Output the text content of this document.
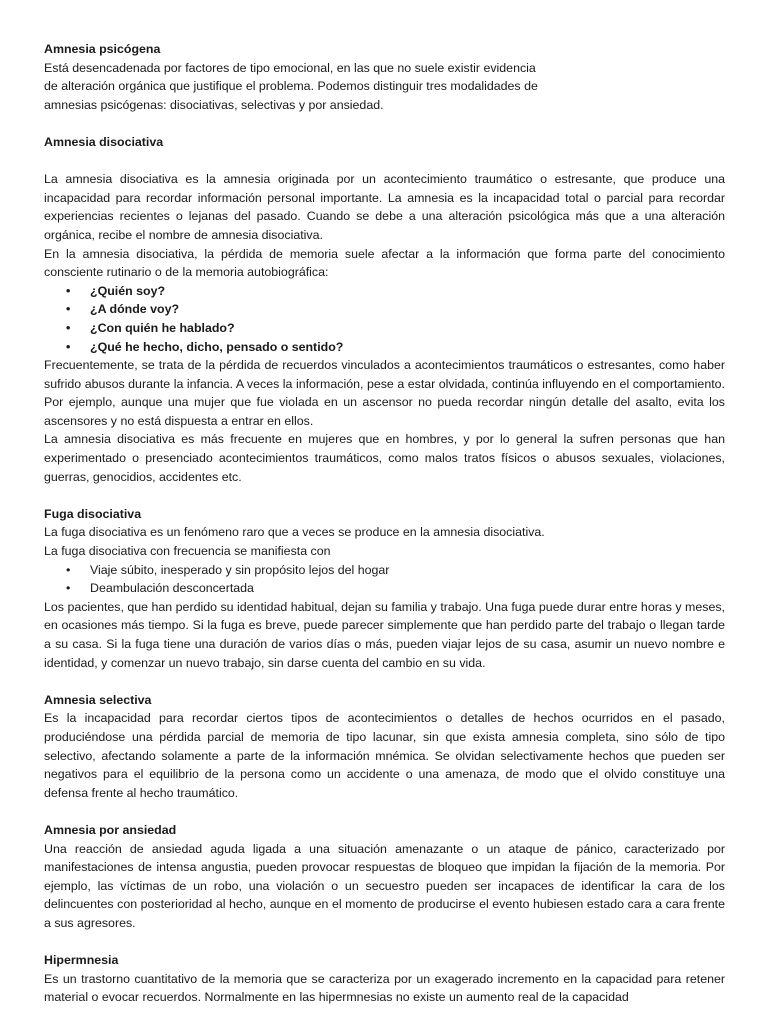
Amnesia psicógena
Está desencadenada por factores de tipo emocional, en las que no suele existir evidencia
de alteración orgánica que justifique el problema. Podemos distinguir tres modalidades de
amnesias psicógenas: disociativas, selectivas y por ansiedad.
Amnesia disociativa

La amnesia disociativa es la amnesia originada por un acontecimiento traumático o estresante, que produce una incapacidad para recordar información personal importante. La amnesia es la incapacidad total o parcial para recordar experiencias recientes o lejanas del pasado. Cuando se debe a una alteración psicológica más que a una alteración orgánica, recibe el nombre de amnesia disociativa.

En la amnesia disociativa, la pérdida de memoria suele afectar a la información que forma parte del conocimiento consciente rutinario o de la memoria autobiográfica:

• ¿Quién soy?
• ¿A dónde voy?
• ¿Con quién he hablado?
• ¿Qué he hecho, dicho, pensado o sentido?

Frecuentemente, se trata de la pérdida de recuerdos vinculados a acontecimientos traumáticos o estresantes, como haber sufrido abusos durante la infancia. A veces la información, pese a estar olvidada, continúa influyendo en el comportamiento. Por ejemplo, aunque una mujer que fue violada en un ascensor no pueda recordar ningún detalle del asalto, evita los ascensores y no está dispuesta a entrar en ellos.

La amnesia disociativa es más frecuente en mujeres que en hombres, y por lo general la sufren personas que han experimentado o presenciado acontecimientos traumáticos, como malos tratos físicos o abusos sexuales, violaciones, guerras, genocidios, accidentes etc.

Fuga disociativa

La fuga disociativa es un fenómeno raro que a veces se produce en la amnesia disociativa.

La fuga disociativa con frecuencia se manifiesta con

• Viaje súbito, inesperado y sin propósito lejos del hogar
• Deambulación desconcertada

Los pacientes, que han perdido su identidad habitual, dejan su familia y trabajo. Una fuga puede durar entre horas y meses, en ocasiones más tiempo. Si la fuga es breve, puede parecer simplemente que han perdido parte del trabajo o llegan tarde a su casa. Si la fuga tiene una duración de varios días o más, pueden viajar lejos de su casa, asumir un nuevo nombre e identidad, y comenzar un nuevo trabajo, sin darse cuenta del cambio en su vida.

Amnesia selectiva

Es la incapacidad para recordar ciertos tipos de acontecimientos o detalles de hechos ocurridos en el pasado, produciéndose una pérdida parcial de memoria de tipo lacunar, sin que exista amnesia completa, sino sólo de tipo selectivo, afectando solamente a parte de la información mnémica. Se olvidan selectivamente hechos que pueden ser negativos para el equilibrio de la persona como un accidente o una amenaza, de modo que el olvido constituye una defensa frente al hecho traumático.

Amnesia por ansiedad

Una reacción de ansiedad aguda ligada a una situación amenazante o un ataque de pánico, caracterizado por manifestaciones de intensa angustia, pueden provocar respuestas de bloqueo que impidan la fijación de la memoria. Por ejemplo, las víctimas de un robo, una violación o un secuestro pueden ser incapaces de identificar la cara de los delincuentes con posterioridad al hecho, aunque en el momento de producirse el evento hubiesen estado cara a cara frente a sus agresores.

Hipermnesia

Es un trastorno cuantitativo de la memoria que se caracteriza por un exagerado incremento en la capacidad para retener material o evocar recuerdos. Normalmente en las hipermnesias no existe un aumento real de la capacidad
